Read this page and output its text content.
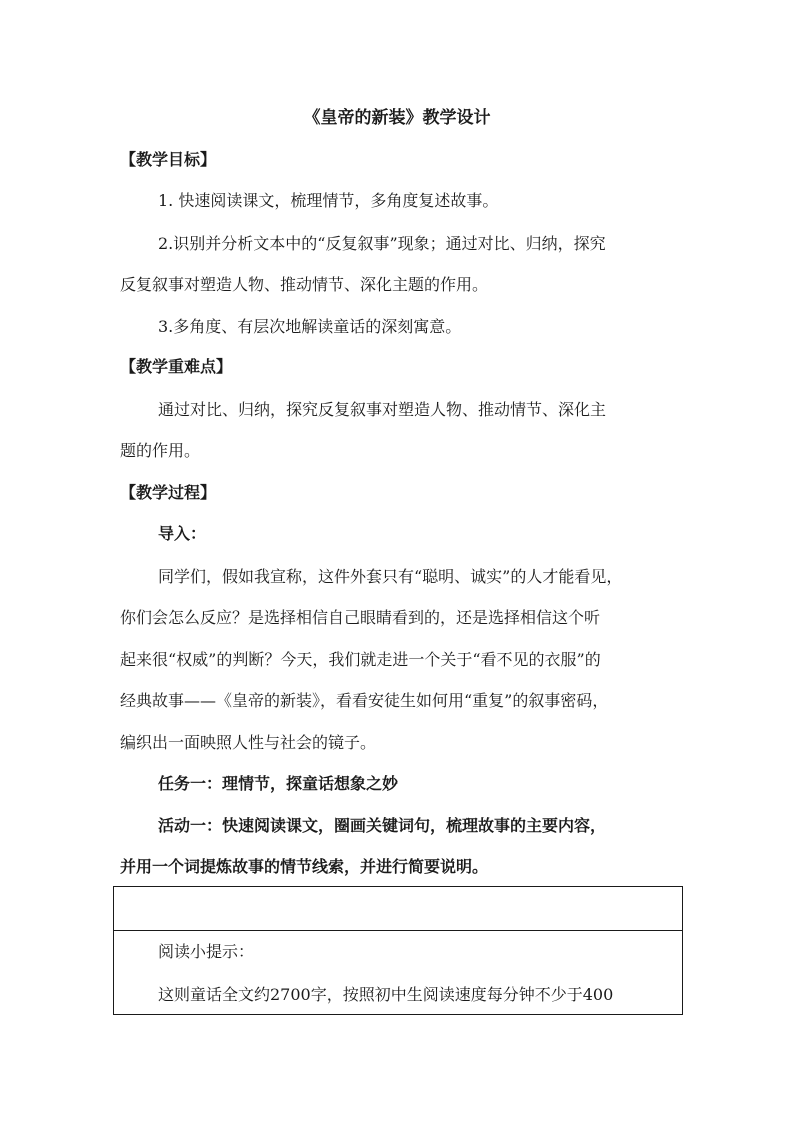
《皇帝的新装》教学设计
【教学目标】
1. 快速阅读课文，梳理情节，多角度复述故事。
2.识别并分析文本中的“反复叙事”现象；通过对比、归纳，探究
反复叙事对塑造人物、推动情节、深化主题的作用。
3.多角度、有层次地解读童话的深刻寓意。
【教学重难点】
通过对比、归纳，探究反复叙事对塑造人物、推动情节、深化主
题的作用。
【教学过程】
导入：
同学们，假如我宣称，这件外套只有“聪明、诚实”的人才能看见，
你们会怎么反应？是选择相信自己眼睛看到的，还是选择相信这个听
起来很“权威”的判断？今天，我们就走进一个关于“看不见的衣服”的
经典故事——《皇帝的新装》，看看安徒生如何用“重复”的叙事密码，
编织出一面映照人性与社会的镜子。
任务一：理情节，探童话想象之妙
活动一：快速阅读课文，圈画关键词句，梳理故事的主要内容，
并用一个词提炼故事的情节线索，并进行简要说明。
阅读小提示：
这则童话全文约2700字，按照初中生阅读速度每分钟不少于400
